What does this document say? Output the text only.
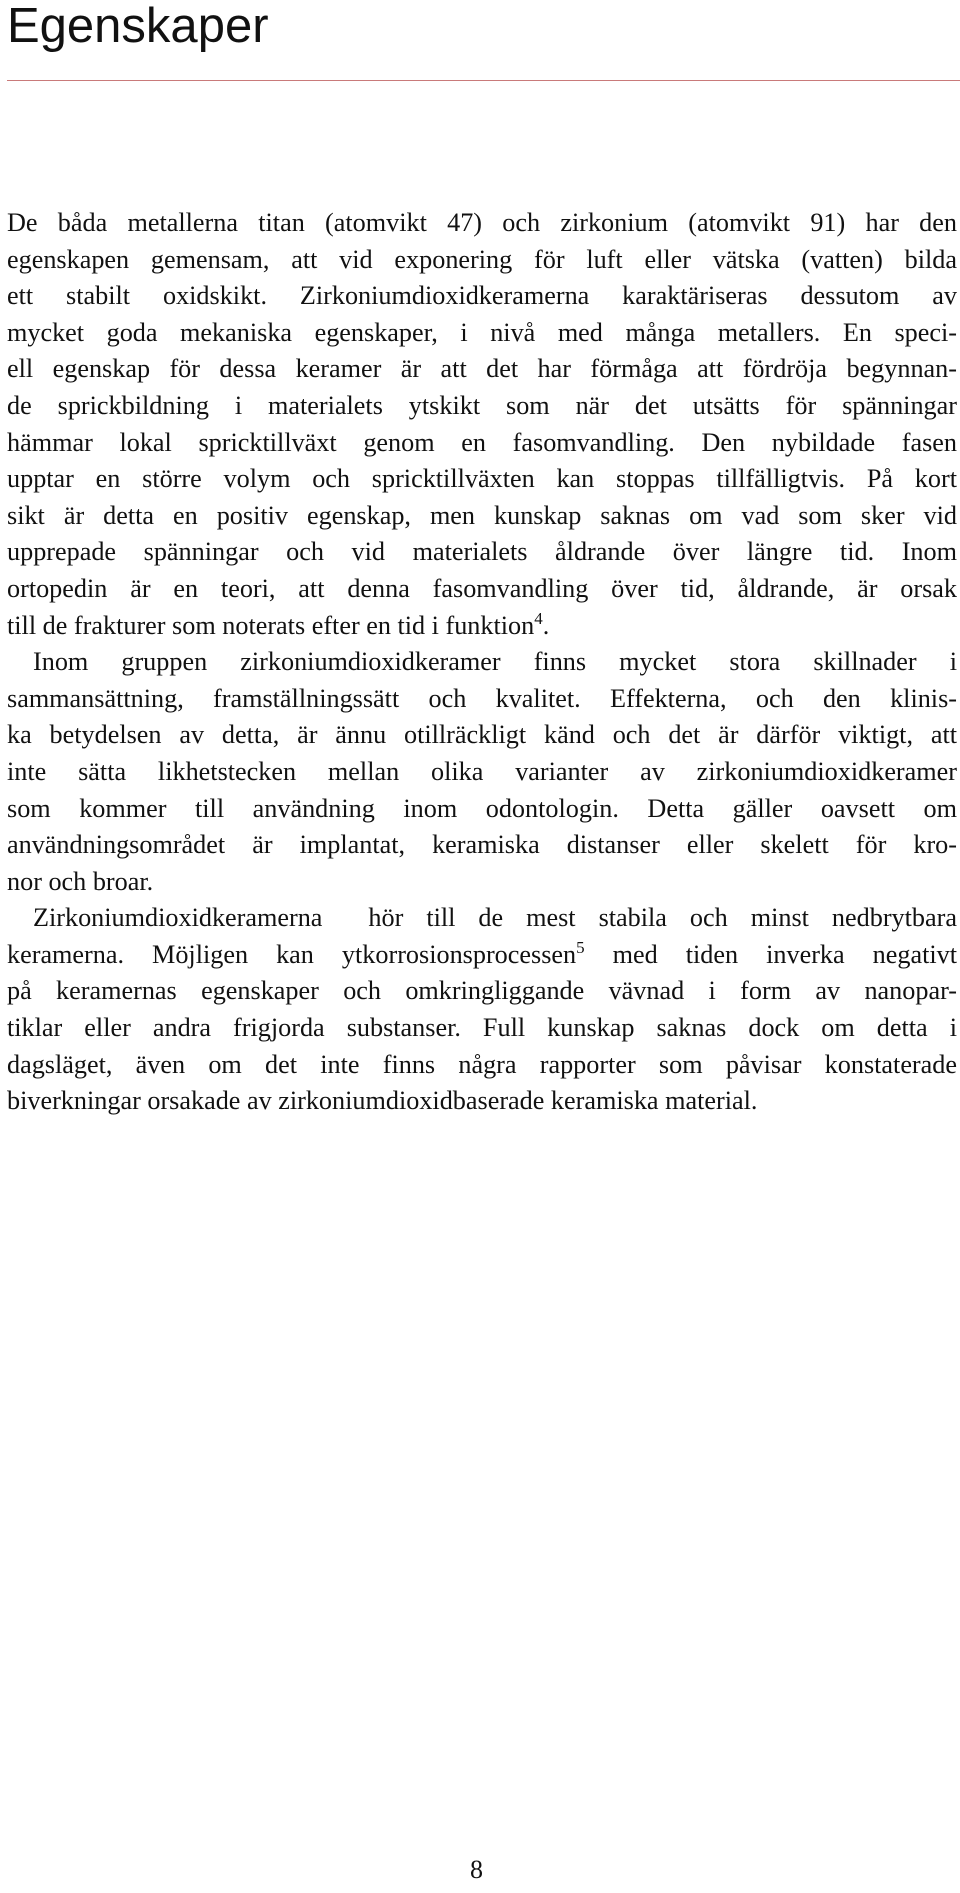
Egenskaper

De båda metallerna titan (atomvikt 47) och zirkonium (atomvikt 91) har den
egenskapen gemensam, att vid exponering för luft eller vätska (vatten) bilda
ett stabilt oxidskikt. Zirkoniumdioxidkeramerna karaktäriseras dessutom av
mycket goda mekaniska egenskaper, i nivå med många metallers. En speci-
ell egenskap för dessa keramer är att det har förmåga att fördröja begynnan-
de sprickbildning i materialets ytskikt som när det utsätts för spänningar
hämmar lokal spricktillväxt genom en fasomvandling. Den nybildade fasen
upptar en större volym och spricktillväxten kan stoppas tillfälligtvis. På kort
sikt är detta en positiv egenskap, men kunskap saknas om vad som sker vid
upprepade spänningar och vid materialets åldrande över längre tid. Inom
ortopedin är en teori, att denna fasomvandling över tid, åldrande, är orsak
till de frakturer som noterats efter en tid i funktion$^4$.

Inom gruppen zirkoniumdioxidkeramer finns mycket stora skillnader i
sammansättning, framställningssätt och kvalitet. Effekterna, och den klinis-
ka betydelsen av detta, är ännu otillräckligt känd och det är därför viktigt, att
inte sätta likhetstecken mellan olika varianter av zirkoniumdioxidkeramer
som kommer till användning inom odontologin. Detta gäller oavsett om
användningsområdet är implantat, keramiska distanser eller skelett för kro-
nor och broar.

Zirkoniumdioxidkeramerna  hör till de mest stabila och minst nedbrytbara
keramerna. Möjligen kan ytkorrosionsprocessen$^5$ med tiden inverka negativt
på keramernas egenskaper och omkringliggande vävnad i form av nanopar-
tiklar eller andra frigjorda substanser. Full kunskap saknas dock om detta i
dagsläget, även om det inte finns några rapporter som påvisar konstaterade
biverkningar orsakade av zirkoniumdioxidbaserade keramiska material.

8
